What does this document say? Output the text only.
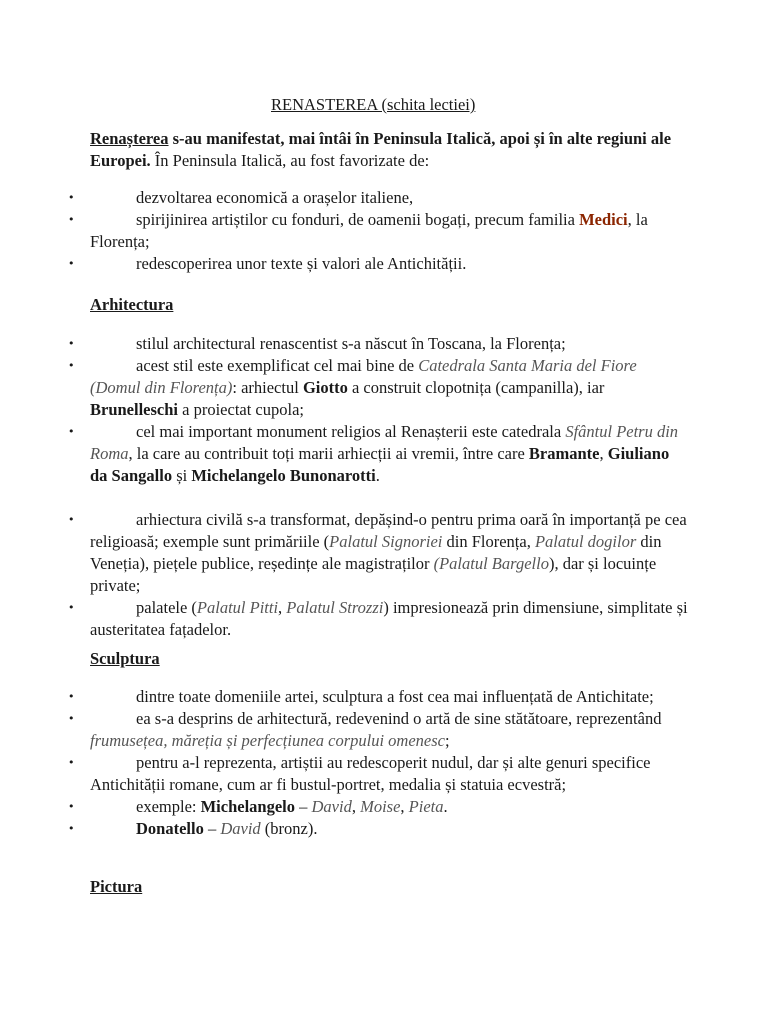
RENASTEREA (schita lectiei)
Renașterea s-au manifestat, mai întâi în Peninsula Italică, apoi și în alte regiuni ale Europei. În Peninsula Italică, au fost favorizate de:
•	dezvoltarea economică a orașelor italiene,
•	spirijinirea artiștilor cu fonduri, de oamenii bogați, precum familia Medici, la Florența;
•	redescoperirea unor texte și valori ale Antichității.
Arhitectura
•	stilul architectural renascentist s-a născut în Toscana, la Florența;
•	acest stil este exemplificat cel mai bine de Catedrala Santa Maria del Fiore (Domul din Florența): arhiectul Giotto a construit clopotnița (campanilla), iar Brunelleschi a proiectat cupola;
•	cel mai important monument religios al Renașterii este catedrala Sfântul Petru din Roma, la care au contribuit toți marii arhiecții ai vremii, între care Bramante, Giuliano da Sangallo și Michelangelo Bunonarotti.
•	arhiectura civilă s-a transformat, depășind-o pentru prima oară în importanță pe cea religioasă; exemple sunt primăriile (Palatul Signoriei din Florența, Palatul dogilor din Veneția), piețele publice, reședințe ale magistraților (Palatul Bargello), dar și locuințe private;
•	palatele (Palatul Pitti, Palatul Strozzi) impresionează prin dimensiune, simplitate și austeritatea fațadelor.
Sculptura
•	dintre toate domeniile artei, sculptura a fost cea mai influențată de Antichitate;
•	ea s-a desprins de arhitectură, redevenind o artă de sine stătătoare, reprezentând frumusețea, măreția și perfecțiunea corpului omenesc;
•	pentru a-l reprezenta, artiștii au redescoperit nudul, dar și alte genuri specifice Antichității romane, cum ar fi bustul-portret, medalia și statuia ecvestră;
•	exemple: Michelangelo – David, Moise, Pieta.
•	Donatello – David (bronz).
Pictura
